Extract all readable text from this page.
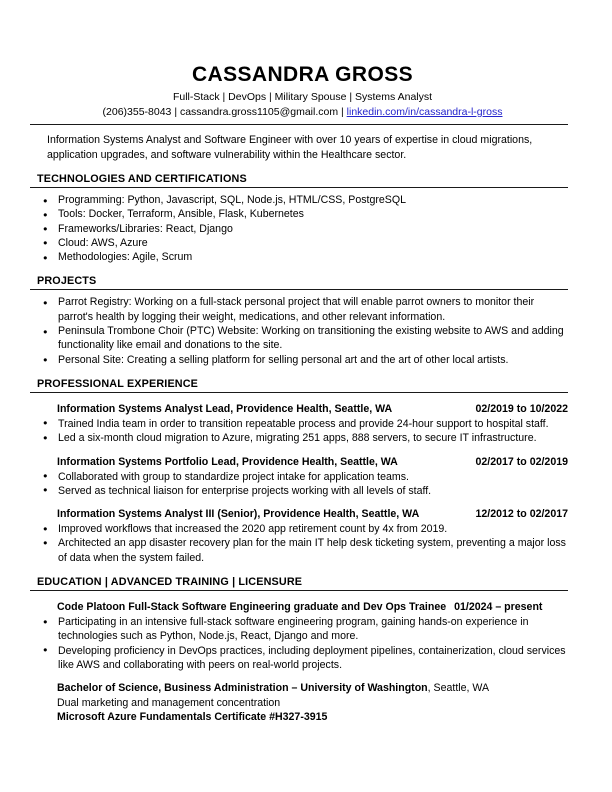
CASSANDRA GROSS
Full-Stack | DevOps | Military Spouse | Systems Analyst
(206)355-8043 | cassandra.gross1105@gmail.com | linkedin.com/in/cassandra-l-gross

Information Systems Analyst and Software Engineer with over 10 years of expertise in cloud migrations, application upgrades, and software vulnerability within the Healthcare sector.

TECHNOLOGIES AND CERTIFICATIONS
● Programming: Python, Javascript, SQL, Node.js, HTML/CSS, PostgreSQL
● Tools: Docker, Terraform, Ansible, Flask, Kubernetes
● Frameworks/Libraries: React, Django
● Cloud: AWS, Azure
● Methodologies: Agile, Scrum
PROJECTS
● Parrot Registry: Working on a full-stack personal project that will enable parrot owners to monitor their parrot's health by logging their weight, medications, and other relevant information.
● Peninsula Trombone Choir (PTC) Website: Working on transitioning the existing website to AWS and adding functionality like email and donations to the site.
● Personal Site: Creating a selling platform for selling personal art and the art of other local artists.
PROFESSIONAL EXPERIENCE
Information Systems Analyst Lead, Providence Health, Seattle, WA	02/2019 to 10/2022
● Trained India team in order to transition repeatable process and provide 24-hour support to hospital staff.
● Led a six-month cloud migration to Azure, migrating 251 apps, 888 servers, to secure IT infrastructure.
Information Systems Portfolio Lead, Providence Health, Seattle, WA	02/2017 to 02/2019
● Collaborated with group to standardize project intake for application teams.
● Served as technical liaison for enterprise projects working with all levels of staff.
Information Systems Analyst III (Senior), Providence Health, Seattle, WA	12/2012 to 02/2017
● Improved workflows that increased the 2020 app retirement count by 4x from 2019.
● Architected an app disaster recovery plan for the main IT help desk ticketing system, preventing a major loss of data when the system failed.
EDUCATION | ADVANCED TRAINING | LICENSURE
Code Platoon Full-Stack Software Engineering graduate and Dev Ops Trainee 01/2024 – present
● Participating in an intensive full-stack software engineering program, gaining hands-on experience in technologies such as Python, Node.js, React, Django and more.
● Developing proficiency in DevOps practices, including deployment pipelines, containerization, cloud services like AWS and collaborating with peers on real-world projects.
Bachelor of Science, Business Administration – University of Washington, Seattle, WA
Dual marketing and management concentration
Microsoft Azure Fundamentals Certificate #H327-3915
